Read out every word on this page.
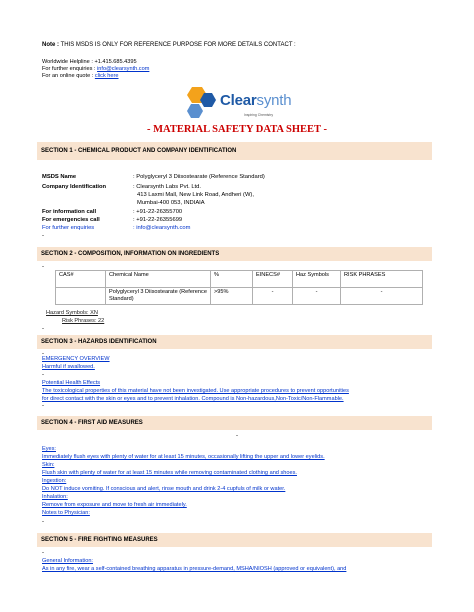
Note : THIS MSDS IS ONLY FOR REFERENCE PURPOSE FOR MORE DETAILS CONTACT :
Worldwide Helpline : +1.415.685.4395
For further enquiries : info@clearsynth.com
For an online quote : click here
Clearsynth
Inspiring Chemistry
- MATERIAL SAFETY DATA SHEET -
SECTION 1 - CHEMICAL PRODUCT AND COMPANY IDENTIFICATION
MSDS Name	: Polyglyceryl 3 Diisostearate (Reference Standard)
Company Identification	: Clearsynth Labs Pvt. Ltd.
413 Laxmi Mall, New Link Road, Andheri (W),
Mumbai-400 053, INDIAIA
For information call	: +91-22-26355700
For emergencies call	: +91-22-26355699
For further enquiries	: info@clearsynth.com
-
SECTION 2 - COMPOSITION, INFORMATION ON INGREDIENTS
-
CAS#	Chemical Name	%	EINECS#	Haz Symbols	RISK PHRASES
	Polyglyceryl 3 Diisostearate (Reference Standard)	>95%	-	-	-
Hazard Symbols: XN
Risk Phrases: 22
-
SECTION 3 - HAZARDS IDENTIFICATION
-
EMERGENCY OVERVIEW
Harmful if swallowed.
-
Potential Health Effects
The toxicological properties of this material have not been investigated. Use appropriate procedures to prevent opportunities
for direct contact with the skin or eyes and to prevent inhalation. Compound is Non-hazardous,Non-Toxic/Non-Flammable.
-
SECTION 4 - FIRST AID MEASURES
-
Eyes:
Immediately flush eyes with plenty of water for at least 15 minutes, occasionally lifting the upper and lower eyelids.
Skin:
Flush skin with plenty of water for at least 15 minutes while removing contaminated clothing and shoes.
Ingestion:
Do NOT induce vomiting. If conscious and alert, rinse mouth and drink 2-4 cupfuls of milk or water.
Inhalation:
Remove from exposure and move to fresh air immediately.
Notes to Physician:
-
SECTION 5 - FIRE FIGHTING MEASURES
-
General Information:
As in any fire, wear a self-contained breathing apparatus in pressure-demand, MSHA/NIOSH (approved or equivalent), and
